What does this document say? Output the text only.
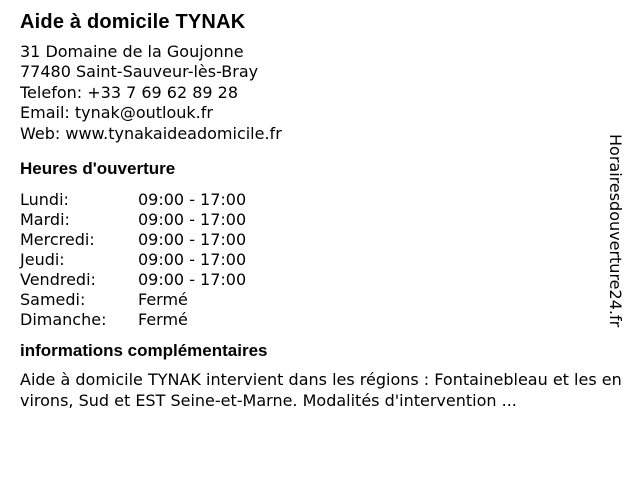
Aide à domicile TYNAK
31 Domaine de la Goujonne
77480 Saint-Sauveur-lès-Bray
Telefon: +33 7 69 62 89 28
Email: tynak@outlouk.fr
Web: www.tynakaideadomicile.fr
Heures d'ouverture
Lundi:	09:00 - 17:00
Mardi:	09:00 - 17:00
Mercredi:	09:00 - 17:00
Jeudi:	09:00 - 17:00
Vendredi:	09:00 - 17:00
Samedi:	Fermé
Dimanche:	Fermé
informations complémentaires
Aide à domicile TYNAK intervient dans les régions : Fontainebleau et les environs, Sud et EST Seine-et-Marne. Modalités d'intervention ...
Horairesdouverture24.fr
